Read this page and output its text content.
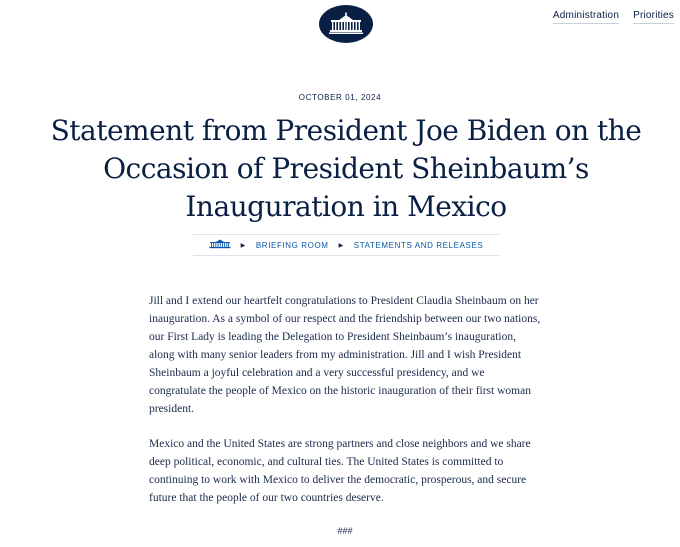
Administration Priorities
OCTOBER 01, 2024
Statement from President Joe Biden on the Occasion of President Sheinbaum’s Inauguration in Mexico
▶ BRIEFING ROOM ▶ STATEMENTS AND RELEASES

Jill and I extend our heartfelt congratulations to President Claudia Sheinbaum on her inauguration. As a symbol of our respect and the friendship between our two nations, our First Lady is leading the Delegation to President Sheinbaum’s inauguration, along with many senior leaders from my administration. Jill and I wish President Sheinbaum a joyful celebration and a very successful presidency, and we congratulate the people of Mexico on the historic inauguration of their first woman president.

Mexico and the United States are strong partners and close neighbors and we share deep political, economic, and cultural ties. The United States is committed to continuing to work with Mexico to deliver the democratic, prosperous, and secure future that the people of our two countries deserve.

###
